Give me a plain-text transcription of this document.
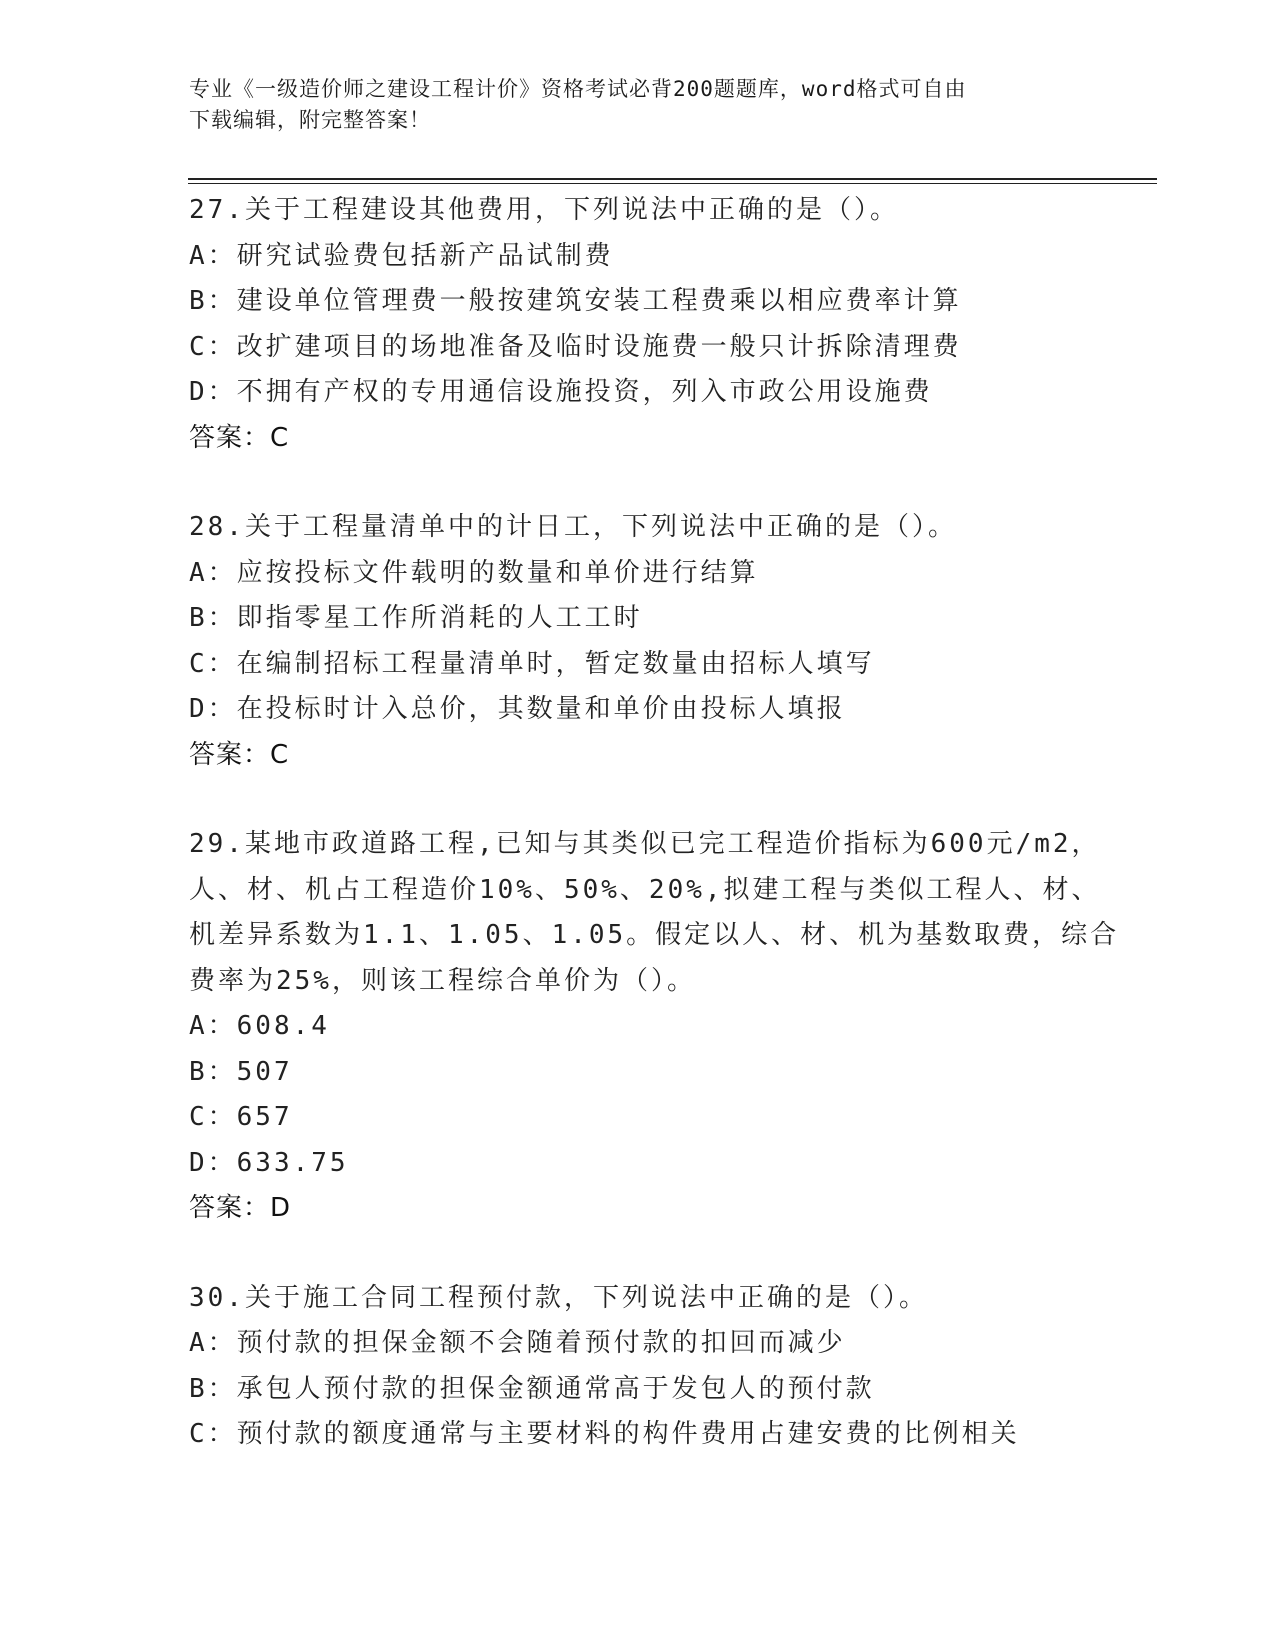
专业《一级造价师之建设工程计价》资格考试必背200题题库，word格式可自由
下载编辑，附完整答案！
27.关于工程建设其他费用，下列说法中正确的是（）。
A：研究试验费包括新产品试制费
B：建设单位管理费一般按建筑安装工程费乘以相应费率计算
C：改扩建项目的场地准备及临时设施费一般只计拆除清理费
D：不拥有产权的专用通信设施投资，列入市政公用设施费
答案：C
28.关于工程量清单中的计日工，下列说法中正确的是（）。
A：应按投标文件载明的数量和单价进行结算
B：即指零星工作所消耗的人工工时
C：在编制招标工程量清单时，暂定数量由招标人填写
D：在投标时计入总价，其数量和单价由投标人填报
答案：C
29.某地市政道路工程,已知与其类似已完工程造价指标为600元/m2，
人、材、机占工程造价10%、50%、20%,拟建工程与类似工程人、材、
机差异系数为1.1、1.05、1.05。假定以人、材、机为基数取费，综合
费率为25%，则该工程综合单价为（）。
A：608.4
B：507
C：657
D：633.75
答案：D
30.关于施工合同工程预付款，下列说法中正确的是（）。
A：预付款的担保金额不会随着预付款的扣回而减少
B：承包人预付款的担保金额通常高于发包人的预付款
C：预付款的额度通常与主要材料的构件费用占建安费的比例相关
